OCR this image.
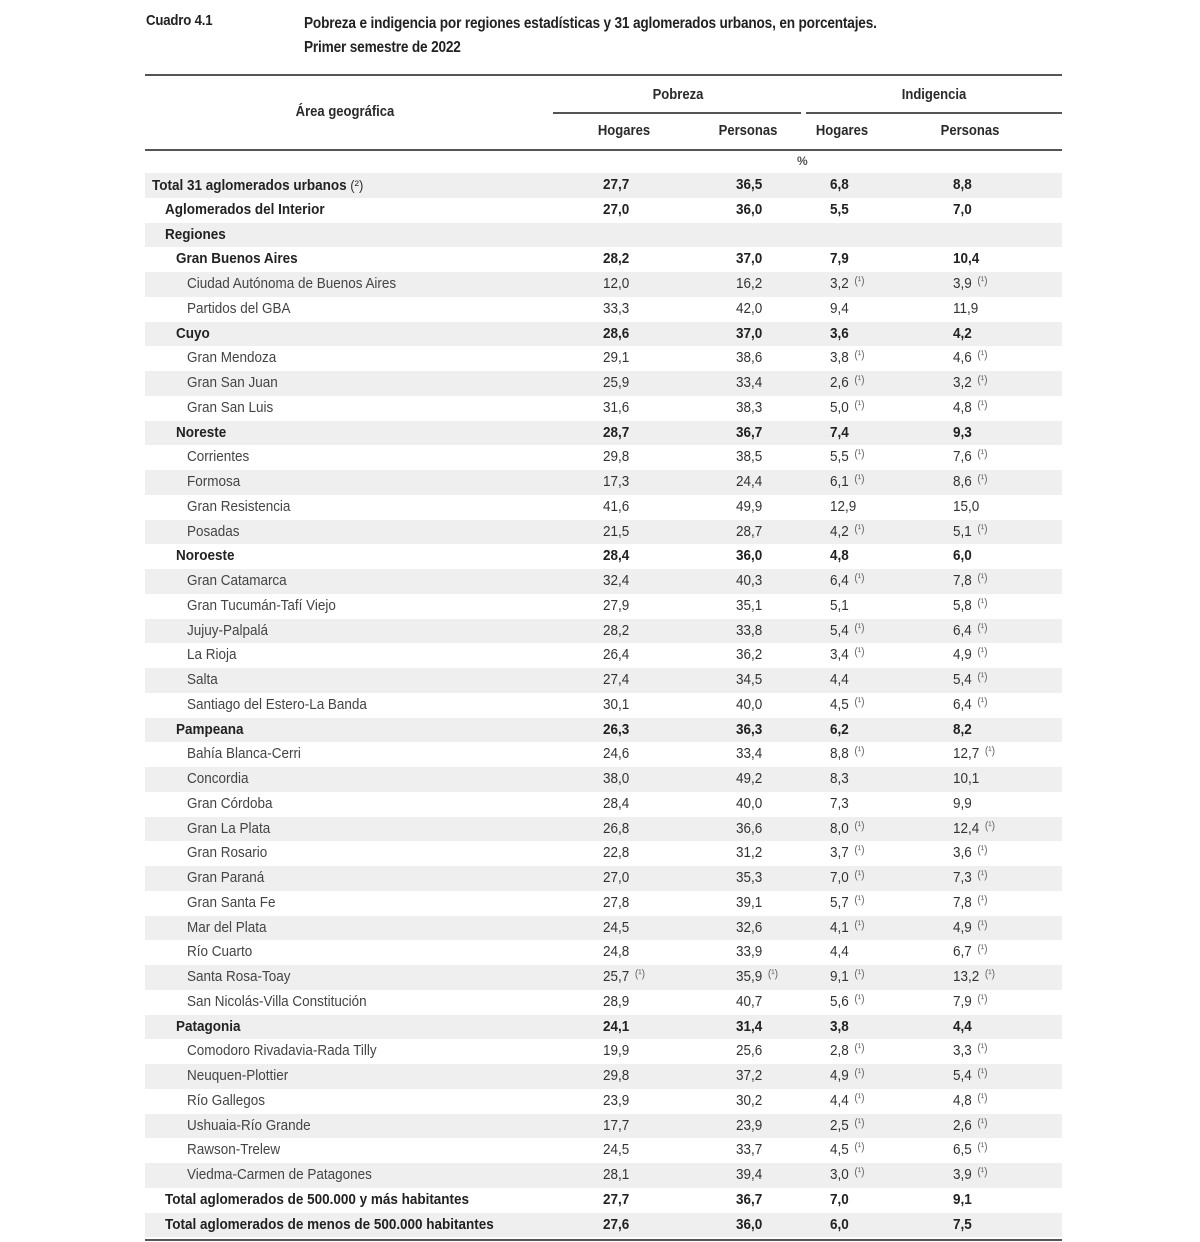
Cuadro 4.1	Pobreza e indigencia por regiones estadísticas y 31 aglomerados urbanos, en porcentajes.
Primer semestre de 2022
Área geográfica
Pobreza	Indigencia
Hogares	Personas	Hogares	Personas
%
Total 31 aglomerados urbanos (²)	27,7	36,5	6,8	8,8
Aglomerados del Interior	27,0	36,0	5,5	7,0
Regiones
Gran Buenos Aires	28,2	37,0	7,9	10,4
Ciudad Autónoma de Buenos Aires	12,0	16,2	3,2 $^{(^1)}$	3,9 $^{(^1)}$
Partidos del GBA	33,3	42,0	9,4	11,9
Cuyo	28,6	37,0	3,6	4,2
Gran Mendoza	29,1	38,6	3,8 $^{(^1)}$	4,6 $^{(^1)}$
Gran San Juan	25,9	33,4	2,6 $^{(^1)}$	3,2 $^{(^1)}$
Gran San Luis	31,6	38,3	5,0 $^{(^1)}$	4,8 $^{(^1)}$
Noreste	28,7	36,7	7,4	9,3
Corrientes	29,8	38,5	5,5 $^{(^1)}$	7,6 $^{(^1)}$
Formosa	17,3	24,4	6,1 $^{(^1)}$	8,6 $^{(^1)}$
Gran Resistencia	41,6	49,9	12,9	15,0
Posadas	21,5	28,7	4,2 $^{(^1)}$	5,1 $^{(^1)}$
Noroeste	28,4	36,0	4,8	6,0
Gran Catamarca	32,4	40,3	6,4 $^{(^1)}$	7,8 $^{(^1)}$
Gran Tucumán-Tafí Viejo	27,9	35,1	5,1	5,8 $^{(^1)}$
Jujuy-Palpalá	28,2	33,8	5,4 $^{(^1)}$	6,4 $^{(^1)}$
La Rioja	26,4	36,2	3,4 $^{(^1)}$	4,9 $^{(^1)}$
Salta	27,4	34,5	4,4	5,4 $^{(^1)}$
Santiago del Estero-La Banda	30,1	40,0	4,5 $^{(^1)}$	6,4 $^{(^1)}$
Pampeana	26,3	36,3	6,2	8,2
Bahía Blanca-Cerri	24,6	33,4	8,8 $^{(^1)}$	12,7 $^{(^1)}$
Concordia	38,0	49,2	8,3	10,1
Gran Córdoba	28,4	40,0	7,3	9,9
Gran La Plata	26,8	36,6	8,0 $^{(^1)}$	12,4 $^{(^1)}$
Gran Rosario	22,8	31,2	3,7 $^{(^1)}$	3,6 $^{(^1)}$
Gran Paraná	27,0	35,3	7,0 $^{(^1)}$	7,3 $^{(^1)}$
Gran Santa Fe	27,8	39,1	5,7 $^{(^1)}$	7,8 $^{(^1)}$
Mar del Plata	24,5	32,6	4,1 $^{(^1)}$	4,9 $^{(^1)}$
Río Cuarto	24,8	33,9	4,4	6,7 $^{(^1)}$
Santa Rosa-Toay	25,7 $^{(^1)}$	35,9 $^{(^1)}$	9,1 $^{(^1)}$	13,2 $^{(^1)}$
San Nicolás-Villa Constitución	28,9	40,7	5,6 $^{(^1)}$	7,9 $^{(^1)}$
Patagonia	24,1	31,4	3,8	4,4
Comodoro Rivadavia-Rada Tilly	19,9	25,6	2,8 $^{(^1)}$	3,3 $^{(^1)}$
Neuquen-Plottier	29,8	37,2	4,9 $^{(^1)}$	5,4 $^{(^1)}$
Río Gallegos	23,9	30,2	4,4 $^{(^1)}$	4,8 $^{(^1)}$
Ushuaia-Río Grande	17,7	23,9	2,5 $^{(^1)}$	2,6 $^{(^1)}$
Rawson-Trelew	24,5	33,7	4,5 $^{(^1)}$	6,5 $^{(^1)}$
Viedma-Carmen de Patagones	28,1	39,4	3,0 $^{(^1)}$	3,9 $^{(^1)}$
Total aglomerados de 500.000 y más habitantes	27,7	36,7	7,0	9,1
Total aglomerados de menos de 500.000 habitantes	27,6	36,0	6,0	7,5
